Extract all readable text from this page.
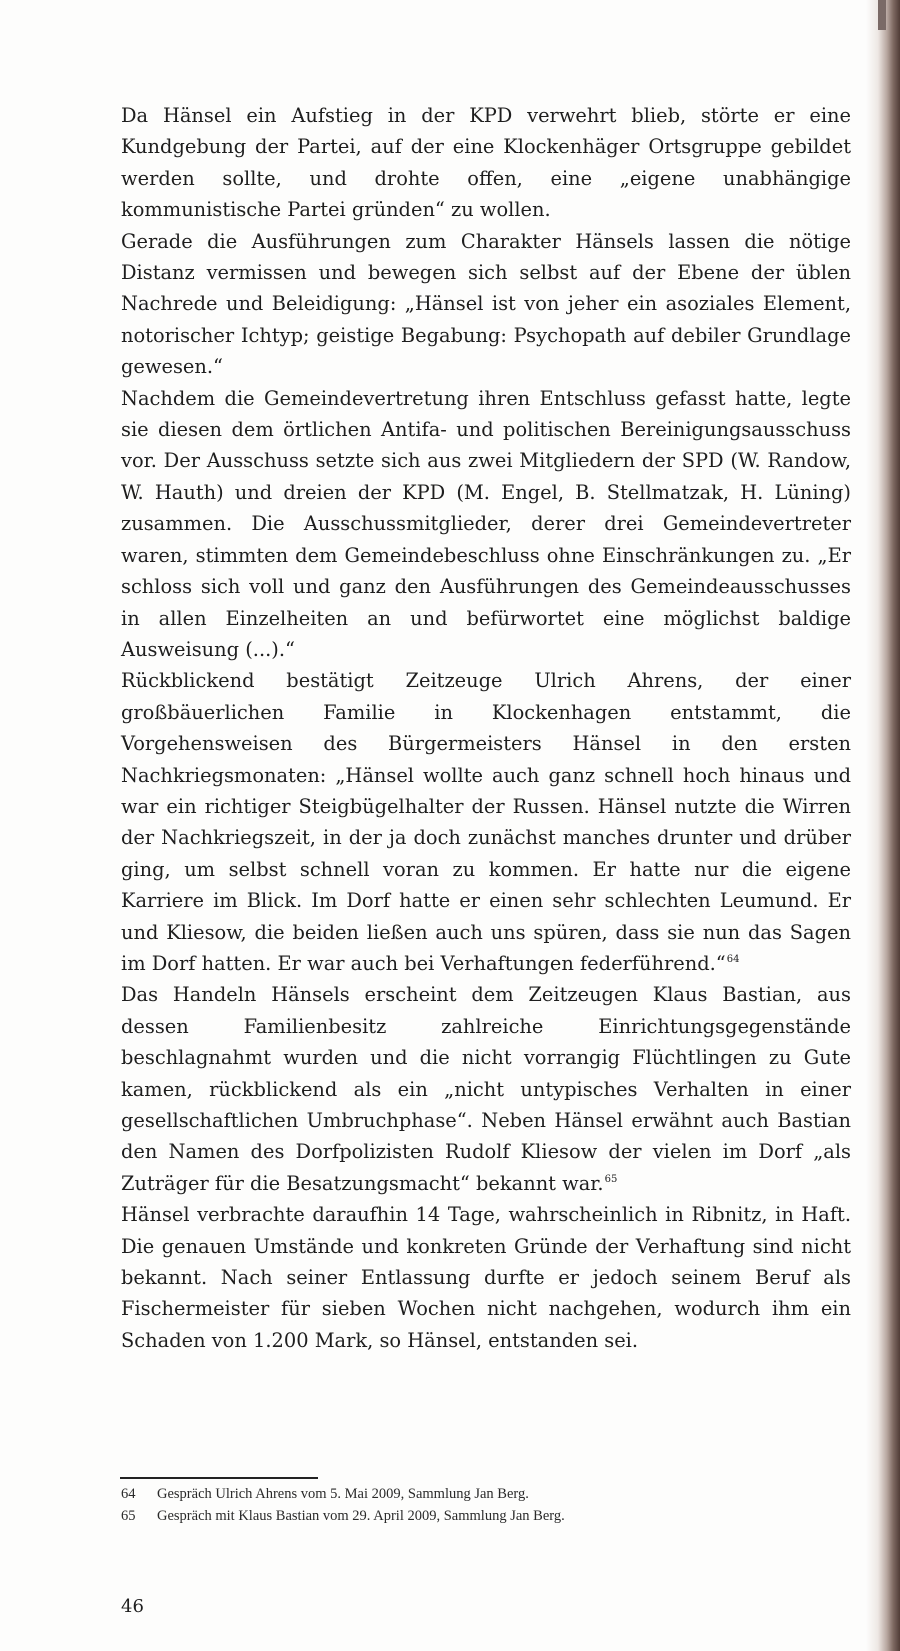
Da Hänsel ein Aufstieg in der KPD verwehrt blieb, störte er eine Kundgebung der Partei, auf der eine Klockenhäger Ortsgruppe gebildet werden sollte, und drohte offen, eine „eigene unabhängige kommunistische Partei gründen“ zu wollen.

Gerade die Ausführungen zum Charakter Hänsels lassen die nötige Distanz vermissen und bewegen sich selbst auf der Ebene der üblen Nachrede und Beleidigung: „Hänsel ist von jeher ein asoziales Element, notorischer Ichtyp; geistige Begabung: Psychopath auf debiler Grundlage gewesen.“

Nachdem die Gemeindevertretung ihren Entschluss gefasst hatte, legte sie diesen dem örtlichen Antifa- und politischen Bereinigungsausschuss vor. Der Ausschuss setzte sich aus zwei Mitgliedern der SPD (W. Randow, W. Hauth) und dreien der KPD (M. Engel, B. Stellmatzak, H. Lüning) zusammen. Die Ausschussmitglieder, derer drei Gemeindevertreter waren, stimmten dem Gemeindebeschluss ohne Einschränkungen zu. „Er schloss sich voll und ganz den Ausführungen des Gemeindeausschusses in allen Einzelheiten an und befürwortet eine möglichst baldige Ausweisung (...).“

Rückblickend bestätigt Zeitzeuge Ulrich Ahrens, der einer großbäuerlichen Familie in Klockenhagen entstammt, die Vorgehensweisen des Bürgermeisters Hänsel in den ersten Nachkriegsmonaten: „Hänsel wollte auch ganz schnell hoch hinaus und war ein richtiger Steigbügelhalter der Russen. Hänsel nutzte die Wirren der Nachkriegszeit, in der ja doch zunächst manches drunter und drüber ging, um selbst schnell voran zu kommen. Er hatte nur die eigene Karriere im Blick. Im Dorf hatte er einen sehr schlechten Leumund. Er und Kliesow, die beiden ließen auch uns spüren, dass sie nun das Sagen im Dorf hatten. Er war auch bei Verhaftungen federführend.“$^{64}$

Das Handeln Hänsels erscheint dem Zeitzeugen Klaus Bastian, aus dessen Familienbesitz zahlreiche Einrichtungsgegenstände beschlagnahmt wurden und die nicht vorrangig Flüchtlingen zu Gute kamen, rückblickend als ein „nicht untypisches Verhalten in einer gesellschaftlichen Umbruchphase“. Neben Hänsel erwähnt auch Bastian den Namen des Dorfpolizisten Rudolf Kliesow der vielen im Dorf „als Zuträger für die Besatzungsmacht“ bekannt war.$^{65}$

Hänsel verbrachte daraufhin 14 Tage, wahrscheinlich in Ribnitz, in Haft. Die genauen Umstände und konkreten Gründe der Verhaftung sind nicht bekannt. Nach seiner Entlassung durfte er jedoch seinem Beruf als Fischermeister für sieben Wochen nicht nachgehen, wodurch ihm ein Schaden von 1.200 Mark, so Hänsel, entstanden sei.

64	Gespräch Ulrich Ahrens vom 5. Mai 2009, Sammlung Jan Berg.
65	Gespräch mit Klaus Bastian vom 29. April 2009, Sammlung Jan Berg.
46
